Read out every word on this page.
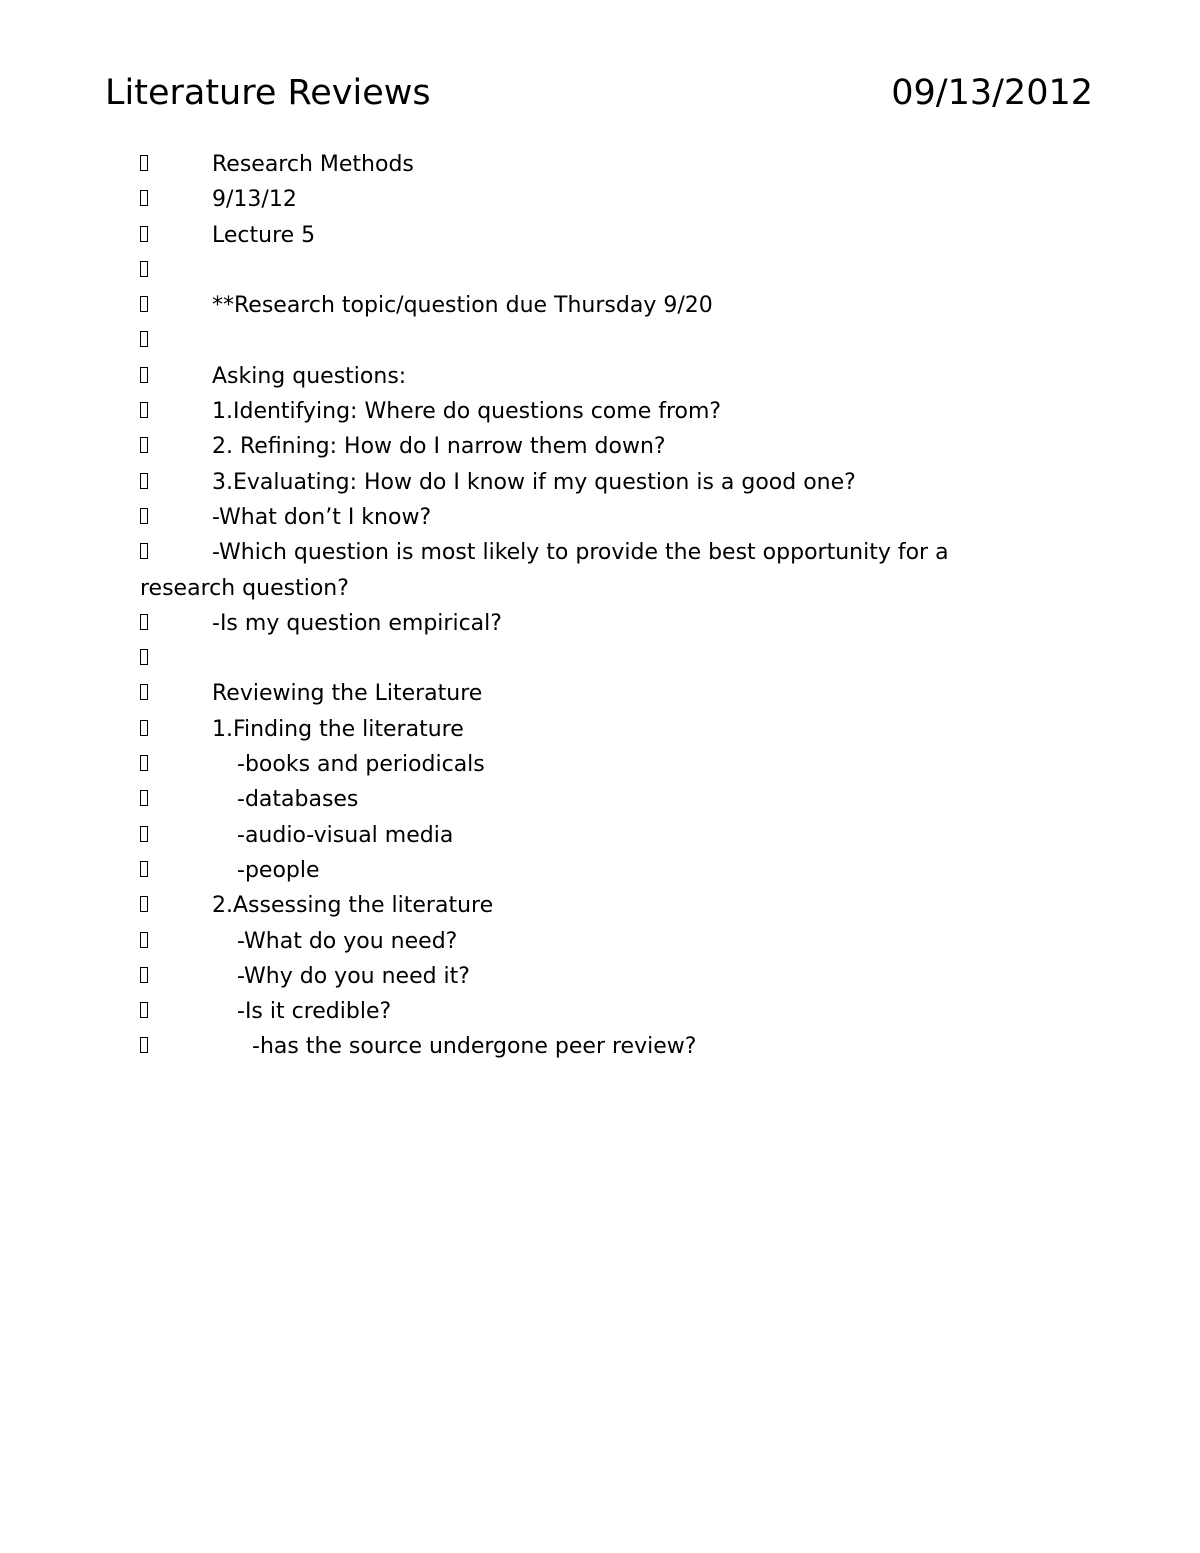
Literature Reviews	09/13/2012
Research Methods
9/13/12
Lecture 5
**Research topic/question due Thursday 9/20
Asking questions:
1.Identifying: Where do questions come from?
2. Refining: How do I narrow them down?
3.Evaluating: How do I know if my question is a good one?
-What don’t I know?
-Which question is most likely to provide the best opportunity for a
research question?
-Is my question empirical?
Reviewing the Literature
1.Finding the literature
-books and periodicals
-databases
-audio-visual media
-people
2.Assessing the literature
-What do you need?
-Why do you need it?
-Is it credible?
-has the source undergone peer review?
